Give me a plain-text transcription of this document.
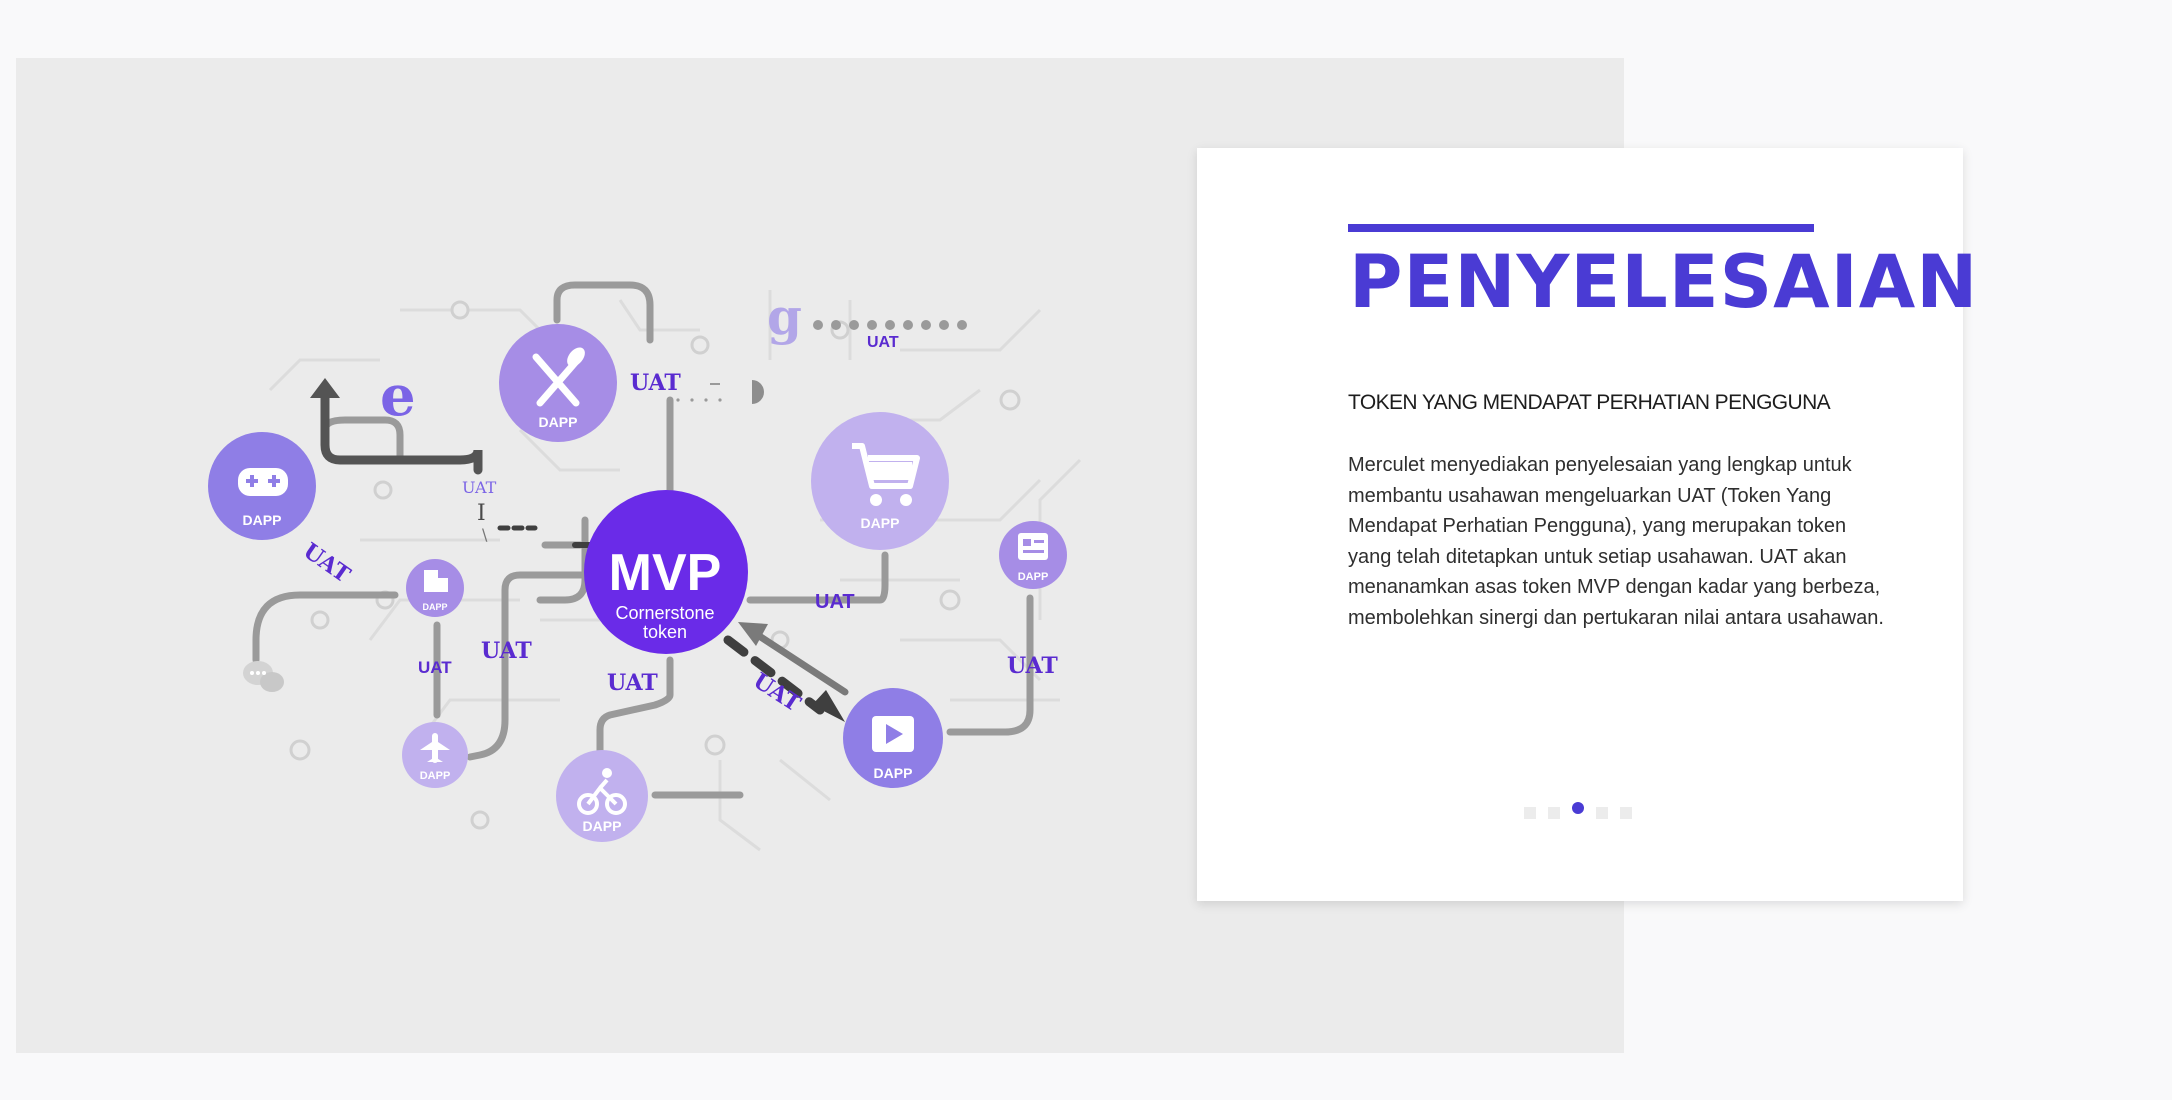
e
g
I
\
MVP
Cornerstone
token
DAPP
DAPP
DAPP
DAPP
DAPP
DAPP
DAPP
DAPP
UAT
UAT
UAT
UAT
UAT
UAT
UAT
UAT
UAT
UAT
PENYELESAIAN
TOKEN YANG MENDAPAT PERHATIAN PENGGUNA
Merculet menyediakan penyelesaian yang lengkap untuk membantu usahawan mengeluarkan UAT (Token Yang Mendapat Perhatian Pengguna), yang merupakan token yang telah ditetapkan untuk setiap usahawan. UAT akan menanamkan asas token MVP dengan kadar yang berbeza, membolehkan sinergi dan pertukaran nilai antara usahawan.
